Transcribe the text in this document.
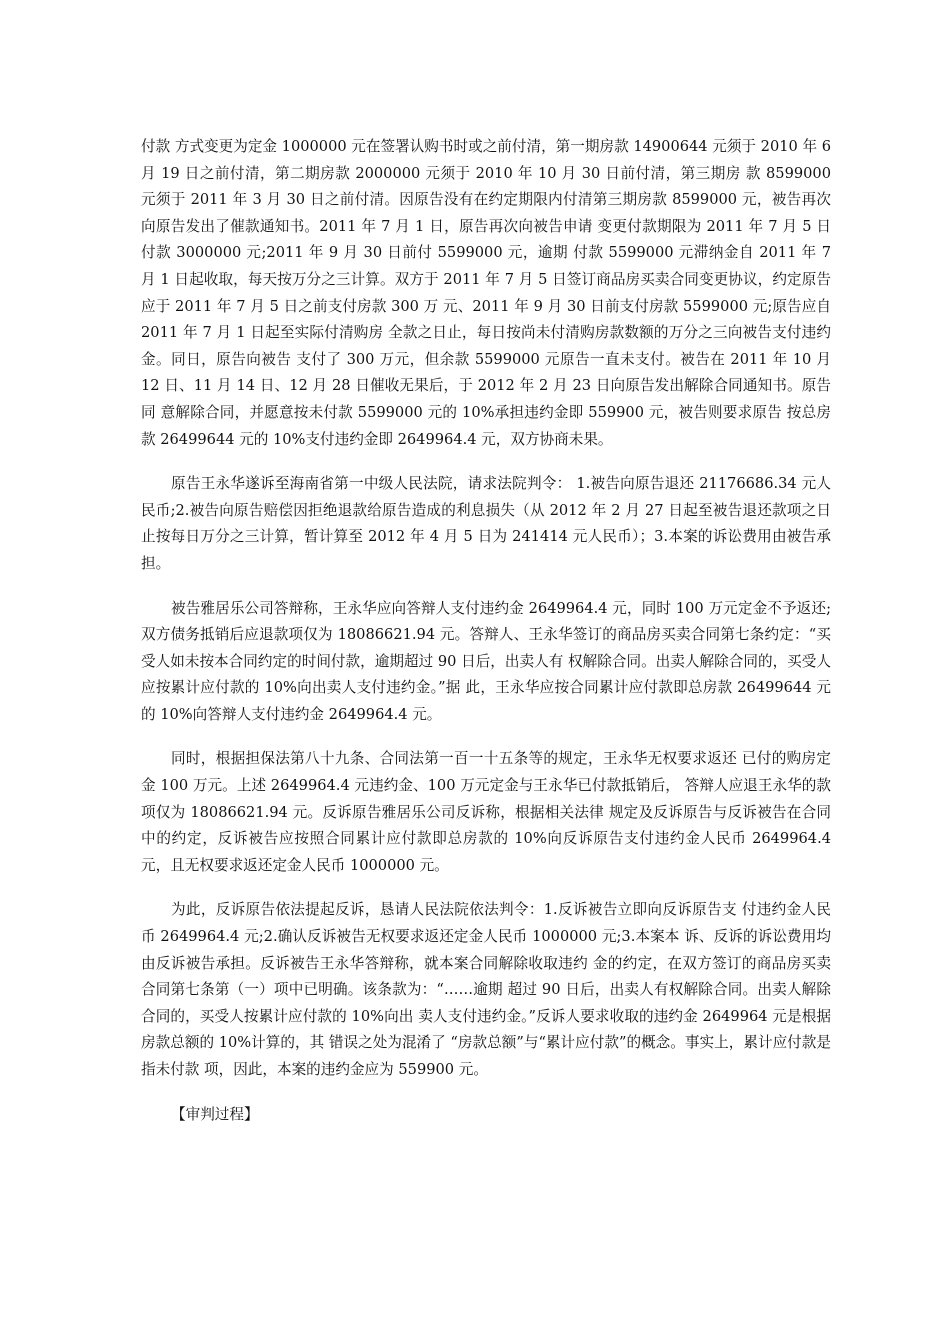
付款 方式变更为定金 1000000 元在签署认购书时或之前付清，第一期房款 14900644 元须于 2010 年 6 月 19 日之前付清，第二期房款 2000000 元须于 2010 年 10 月 30 日前付清，第三期房 款 8599000 元须于 2011 年 3 月 30 日之前付清。因原告没有在约定期限内付清第三期房款 8599000 元，被告再次向原告发出了催款通知书。2011 年 7 月 1 日，原告再次向被告申请 变更付款期限为 2011 年 7 月 5 日付款 3000000 元;2011 年 9 月 30 日前付 5599000 元，逾期 付款 5599000 元滞纳金自 2011 年 7 月 1 日起收取，每天按万分之三计算。双方于 2011 年 7 月 5 日签订商品房买卖合同变更协议，约定原告应于 2011 年 7 月 5 日之前支付房款 300 万 元、2011 年 9 月 30 日前支付房款 5599000 元;原告应自 2011 年 7 月 1 日起至实际付清购房 全款之日止，每日按尚未付清购房款数额的万分之三向被告支付违约金。同日，原告向被告 支付了 300 万元，但余款 5599000 元原告一直未支付。被告在 2011 年 10 月 12 日、11 月 14 日、12 月 28 日催收无果后，于 2012 年 2 月 23 日向原告发出解除合同通知书。原告同 意解除合同，并愿意按未付款 5599000 元的 10%承担违约金即 559900 元，被告则要求原告 按总房款 26499644 元的 10%支付违约金即 2649964.4 元，双方协商未果。

原告王永华遂诉至海南省第一中级人民法院，请求法院判令： 1.被告向原告退还 21176686.34 元人民币;2.被告向原告赔偿因拒绝退款给原告造成的利息损失（从 2012 年 2 月 27 日起至被告退还款项之日止按每日万分之三计算，暂计算至 2012 年 4 月 5 日为 241414 元人民币）；3.本案的诉讼费用由被告承担。

被告雅居乐公司答辩称，王永华应向答辩人支付违约金 2649964.4 元，同时 100 万元定金不予返还;双方债务抵销后应退款项仅为 18086621.94 元。答辩人、王永华签订的商品房买卖合同第七条约定：“买受人如未按本合同约定的时间付款，逾期超过 90 日后，出卖人有 权解除合同。出卖人解除合同的，买受人应按累计应付款的 10%向出卖人支付违约金。”据 此，王永华应按合同累计应付款即总房款 26499644 元的 10%向答辩人支付违约金 2649964.4 元。

同时，根据担保法第八十九条、合同法第一百一十五条等的规定，王永华无权要求返还 已付的购房定金 100 万元。上述 2649964.4 元违约金、100 万元定金与王永华已付款抵销后， 答辩人应退王永华的款项仅为 18086621.94 元。反诉原告雅居乐公司反诉称，根据相关法律 规定及反诉原告与反诉被告在合同中的约定，反诉被告应按照合同累计应付款即总房款的 10%向反诉原告支付违约金人民币 2649964.4 元，且无权要求返还定金人民币 1000000 元。

为此，反诉原告依法提起反诉，恳请人民法院依法判令：1.反诉被告立即向反诉原告支 付违约金人民币 2649964.4 元;2.确认反诉被告无权要求返还定金人民币 1000000 元;3.本案本 诉、反诉的诉讼费用均由反诉被告承担。反诉被告王永华答辩称，就本案合同解除收取违约 金的约定，在双方签订的商品房买卖合同第七条第（一）项中已明确。该条款为：“……逾期 超过 90 日后，出卖人有权解除合同。出卖人解除合同的，买受人按累计应付款的 10%向出 卖人支付违约金。”反诉人要求收取的违约金 2649964 元是根据房款总额的 10%计算的，其 错误之处为混淆了 “房款总额”与“累计应付款”的概念。事实上，累计应付款是指未付款 项，因此，本案的违约金应为 559900 元。

【审判过程】
